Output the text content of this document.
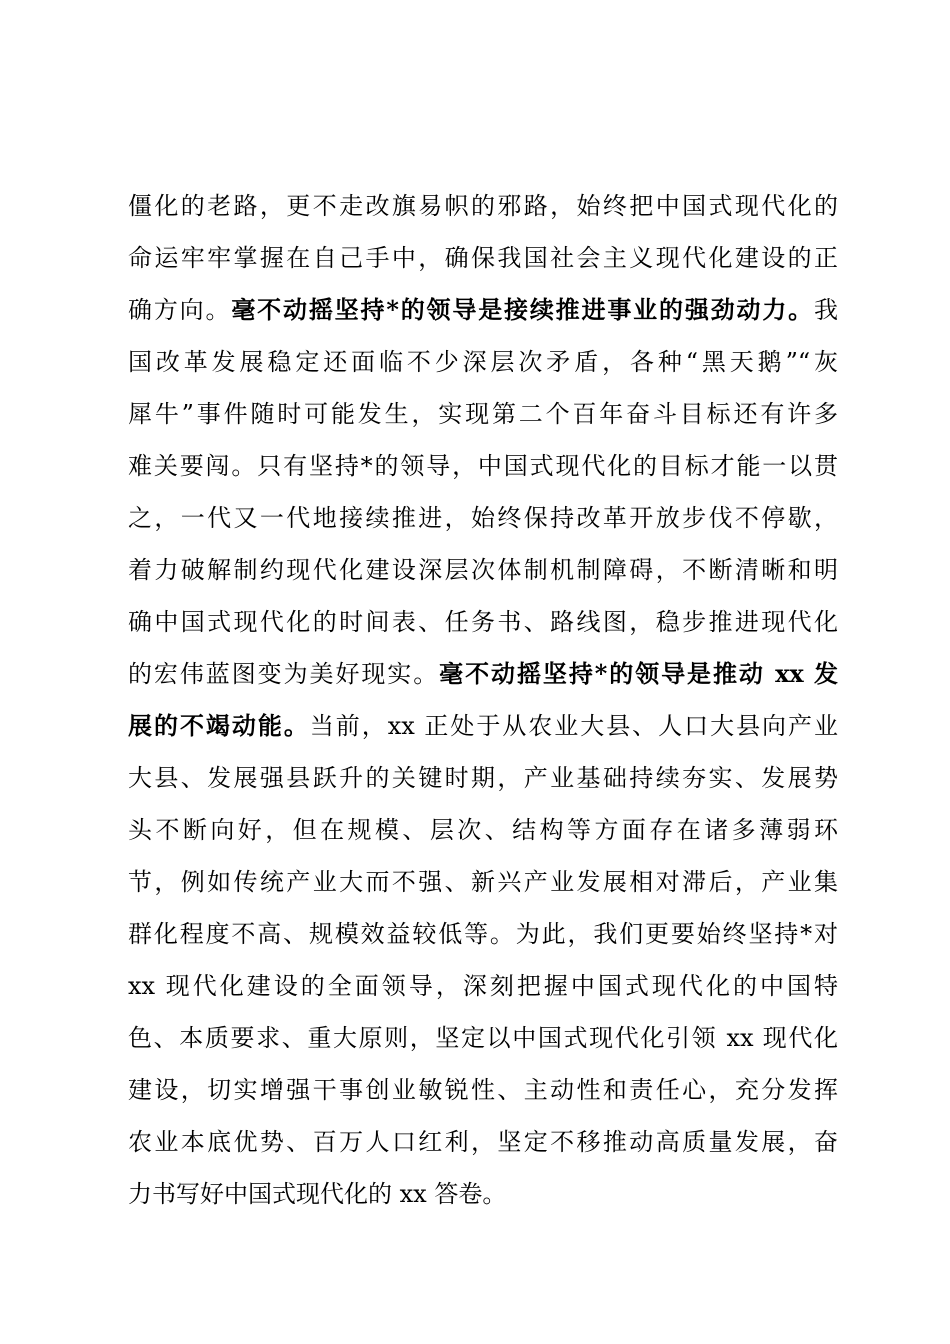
僵化的老路，更不走改旗易帜的邪路，始终把中国式现代化的
命运牢牢掌握在自己手中，确保我国社会主义现代化建设的正
确方向。毫不动摇坚持*的领导是接续推进事业的强劲动力。我
国改革发展稳定还面临不少深层次矛盾，各种“黑天鹅”“灰
犀牛”事件随时可能发生，实现第二个百年奋斗目标还有许多
难关要闯。只有坚持*的领导，中国式现代化的目标才能一以贯
之，一代又一代地接续推进，始终保持改革开放步伐不停歇，
着力破解制约现代化建设深层次体制机制障碍，不断清晰和明
确中国式现代化的时间表、任务书、路线图，稳步推进现代化
的宏伟蓝图变为美好现实。毫不动摇坚持*的领导是推动 xx 发
展的不竭动能。当前，xx 正处于从农业大县、人口大县向产业
大县、发展强县跃升的关键时期，产业基础持续夯实、发展势
头不断向好，但在规模、层次、结构等方面存在诸多薄弱环
节，例如传统产业大而不强、新兴产业发展相对滞后，产业集
群化程度不高、规模效益较低等。为此，我们更要始终坚持*对
xx 现代化建设的全面领导，深刻把握中国式现代化的中国特
色、本质要求、重大原则，坚定以中国式现代化引领 xx 现代化
建设，切实增强干事创业敏锐性、主动性和责任心，充分发挥
农业本底优势、百万人口红利，坚定不移推动高质量发展，奋
力书写好中国式现代化的 xx 答卷。
